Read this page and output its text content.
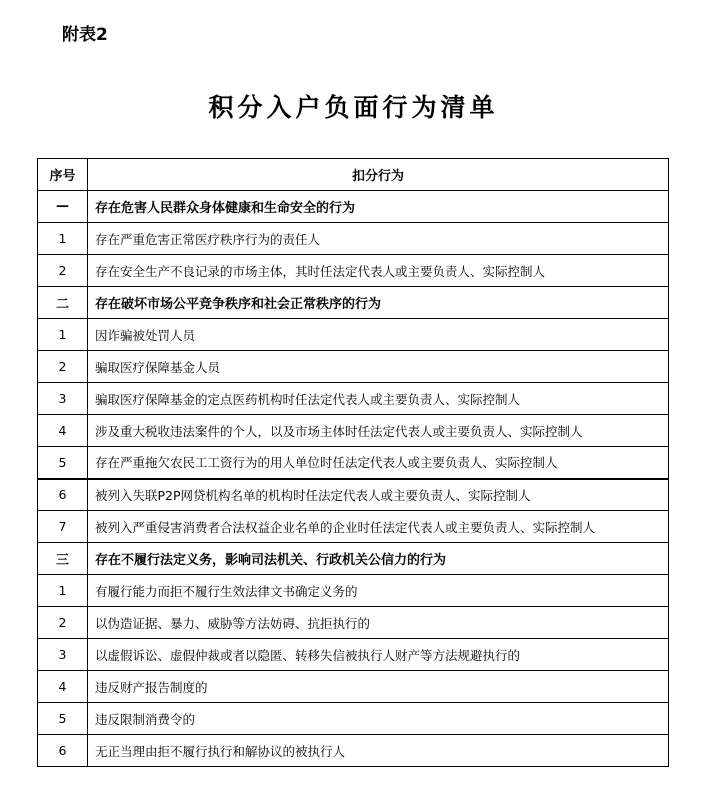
附表2
积分入户负面行为清单
序号	扣分行为
—	存在危害人民群众身体健康和生命安全的行为
1	存在严重危害正常医疗秩序行为的责任人
2	存在安全生产不良记录的市场主体，其时任法定代表人或主要负责人、实际控制人
二	存在破坏市场公平竞争秩序和社会正常秩序的行为
1	因诈骗被处罚人员
2	骗取医疗保障基金人员
3	骗取医疗保障基金的定点医药机构时任法定代表人或主要负责人、实际控制人
4	涉及重大税收违法案件的个人，以及市场主体时任法定代表人或主要负责人、实际控制人
5	存在严重拖欠农民工工资行为的用人单位时任法定代表人或主要负责人、实际控制人
6	被列入失联P2P网贷机构名单的机构时任法定代表人或主要负责人、实际控制人
7	被列入严重侵害消费者合法权益企业名单的企业时任法定代表人或主要负责人、实际控制人
三	存在不履行法定义务，影响司法机关、行政机关公信力的行为
1	有履行能力而拒不履行生效法律文书确定义务的
2	以伪造证据、暴力、威胁等方法妨碍、抗拒执行的
3	以虚假诉讼、虚假仲裁或者以隐匿、转移失信被执行人财产等方法规避执行的
4	违反财产报告制度的
5	违反限制消费令的
6	无正当理由拒不履行执行和解协议的被执行人
